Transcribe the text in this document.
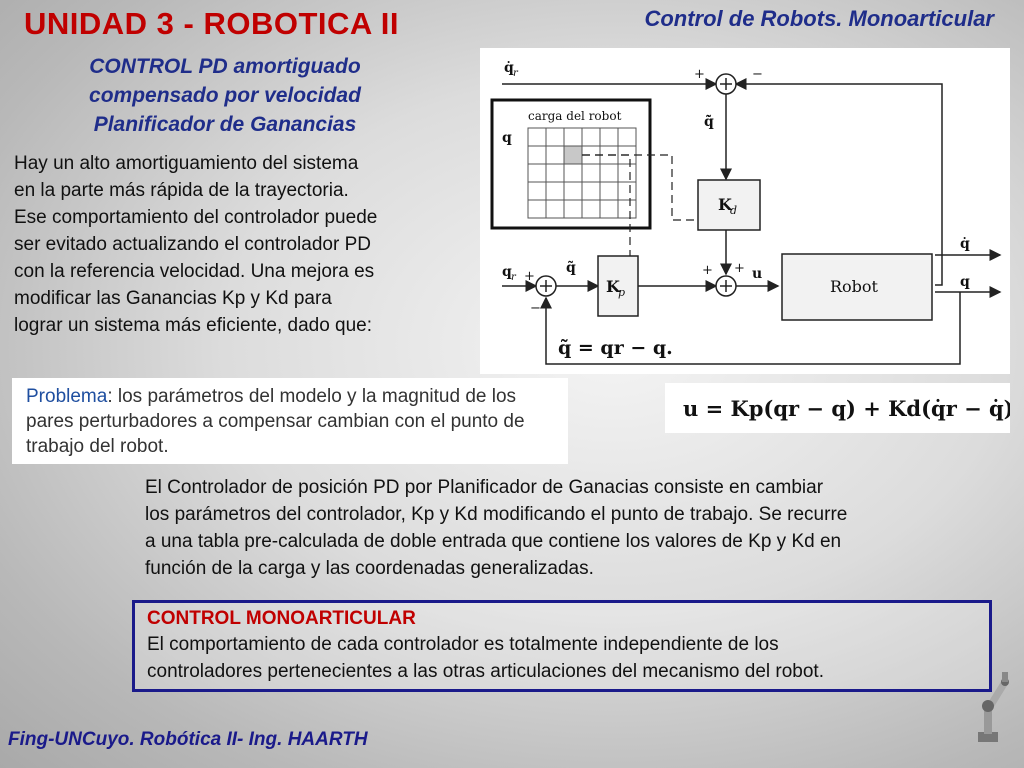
UNIDAD 3 - ROBOTICA II	Control de Robots. Monoarticular
CONTROL PD amortiguado
compensado por velocidad
Planificador de Ganancias
Hay un alto amortiguamiento del sistema
en la parte más rápida de la trayectoria.
Ese comportamiento del controlador puede
ser evitado actualizando el controlador PD
con la referencia velocidad. Una mejora es
modificar las Ganancias Kp y Kd para
lograr un sistema más eficiente, dado que:
carga del robot
q
q̇ r
q r
q̃̇
q̃
K
d
K
p
u
Robot
q̇
q
+	−
+
−
+ +
q̃ = qr − q.
Problema: los parámetros del modelo y la magnitud de los pares perturbadores a compensar cambian con el punto de trabajo del robot.
u = Kp(qr − q) + Kd(q̇r − q̇).
El Controlador de posición PD por Planificador de Ganacias consiste en cambiar
los parámetros del controlador, Kp y Kd modificando el punto de trabajo. Se recurre
a una tabla pre-calculada de doble entrada que contiene los valores de Kp y Kd en
función de la carga y las coordenadas generalizadas.
CONTROL MONOARTICULAR
El comportamiento de cada controlador es totalmente independiente de los
controladores pertenecientes a las otras articulaciones del mecanismo del robot.
Fing-UNCuyo. Robótica II- Ing. HAARTH
